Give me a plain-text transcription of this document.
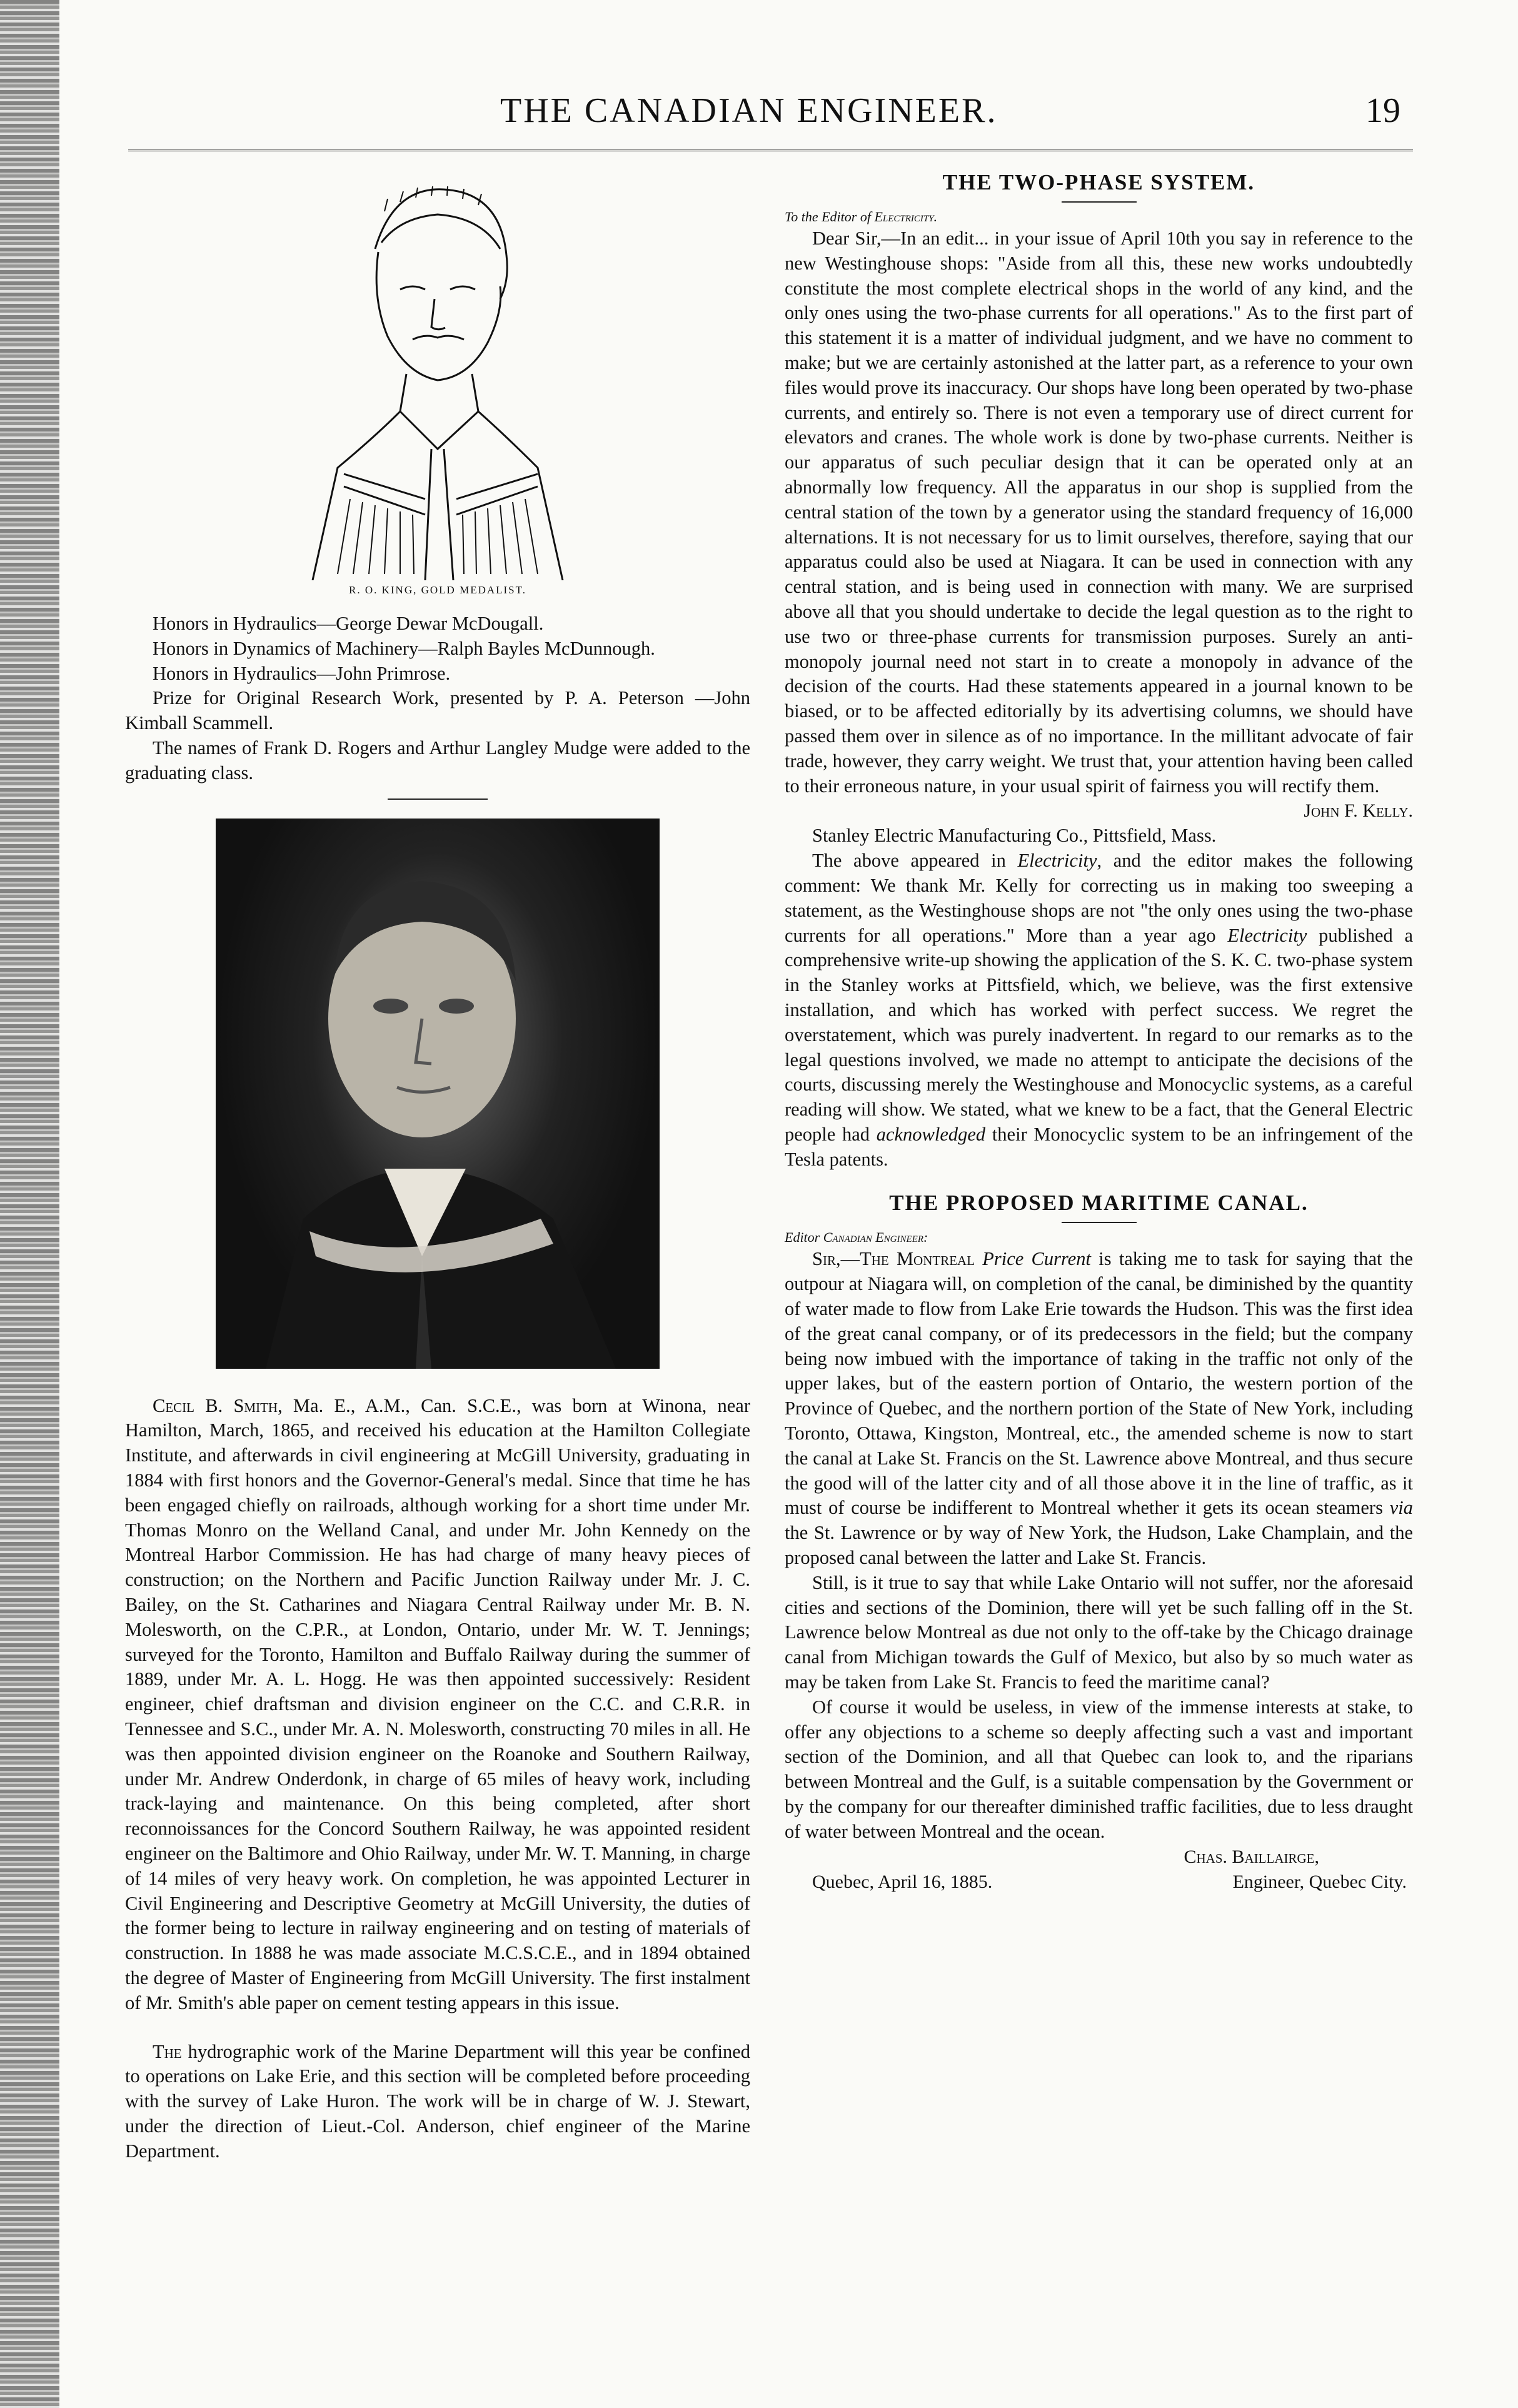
THE CANADIAN ENGINEER.	19
R. O. KING, GOLD MEDALIST.

Honors in Hydraulics—George Dewar McDougall.

Honors in Dynamics of Machinery—Ralph Bayles McDunnough.

Honors in Hydraulics—John Primrose.

Prize for Original Research Work, presented by P. A. Peterson —John Kimball Scammell.

The names of Frank D. Rogers and Arthur Langley Mudge were added to the graduating class.

Cecil B. Smith, Ma. E., A.M., Can. S.C.E., was born at Winona, near Hamilton, March, 1865, and received his education at the Hamilton Collegiate Institute, and afterwards in civil engineering at McGill University, graduating in 1884 with first honors and the Governor-General's medal. Since that time he has been engaged chiefly on railroads, although working for a short time under Mr. Thomas Monro on the Welland Canal, and under Mr. John Kennedy on the Montreal Harbor Commission. He has had charge of many heavy pieces of construction; on the Northern and Pacific Junction Railway under Mr. J. C. Bailey, on the St. Catharines and Niagara Central Railway under Mr. B. N. Molesworth, on the C.P.R., at London, Ontario, under Mr. W. T. Jennings; surveyed for the Toronto, Hamilton and Buffalo Railway during the summer of 1889, under Mr. A. L. Hogg. He was then appointed successively: Resident engineer, chief draftsman and division engineer on the C.C. and C.R.R. in Tennessee and S.C., under Mr. A. N. Molesworth, constructing 70 miles in all. He was then appointed division engineer on the Roanoke and Southern Railway, under Mr. Andrew Onderdonk, in charge of 65 miles of heavy work, including track-laying and maintenance. On this being completed, after short reconnoissances for the Concord Southern Railway, he was appointed resident engineer on the Baltimore and Ohio Railway, under Mr. W. T. Manning, in charge of 14 miles of very heavy work. On completion, he was appointed Lecturer in Civil Engineering and Descriptive Geometry at McGill University, the duties of the former being to lecture in railway engineering and on testing of materials of construction. In 1888 he was made associate M.C.S.C.E., and in 1894 obtained the degree of Master of Engineering from McGill University. The first instalment of Mr. Smith's able paper on cement testing appears in this issue.

The hydrographic work of the Marine Department will this year be confined to operations on Lake Erie, and this section will be completed before proceeding with the survey of Lake Huron. The work will be in charge of W. J. Stewart, under the direction of Lieut.-Col. Anderson, chief engineer of the Marine Department.

THE TWO-PHASE SYSTEM.
To the Editor of Electricity.

Dear Sir,—In an edit... in your issue of April 10th you say in reference to the new Westinghouse shops: "Aside from all this, these new works undoubtedly constitute the most complete electrical shops in the world of any kind, and the only ones using the two-phase currents for all operations." As to the first part of this statement it is a matter of individual judgment, and we have no comment to make; but we are certainly astonished at the latter part, as a reference to your own files would prove its inaccuracy. Our shops have long been operated by two-phase currents, and entirely so. There is not even a temporary use of direct current for elevators and cranes. The whole work is done by two-phase currents. Neither is our apparatus of such peculiar design that it can be operated only at an abnormally low frequency. All the apparatus in our shop is supplied from the central station of the town by a generator using the standard frequency of 16,000 alternations. It is not necessary for us to limit ourselves, therefore, saying that our apparatus could also be used at Niagara. It can be used in connection with any central station, and is being used in connection with many. We are surprised above all that you should undertake to decide the legal question as to the right to use two or three-phase currents for transmission purposes. Surely an anti-monopoly journal need not start in to create a monopoly in advance of the decision of the courts. Had these statements appeared in a journal known to be biased, or to be affected editorially by its advertising columns, we should have passed them over in silence as of no importance. In the millitant advocate of fair trade, however, they carry weight. We trust that, your attention having been called to their erroneous nature, in your usual spirit of fairness you will rectify them.

John F. Kelly.

Stanley Electric Manufacturing Co., Pittsfield, Mass.

The above appeared in Electricity, and the editor makes the following comment: We thank Mr. Kelly for correcting us in making too sweeping a statement, as the Westinghouse shops are not "the only ones using the two-phase currents for all operations." More than a year ago Electricity published a comprehensive write-up showing the application of the S. K. C. two-phase system in the Stanley works at Pittsfield, which, we believe, was the first extensive installation, and which has worked with perfect success. We regret the overstatement, which was purely inadvertent. In regard to our remarks as to the legal questions involved, we made no attempt to anticipate the decisions of the courts, discussing merely the Westinghouse and Monocyclic systems, as a careful reading will show. We stated, what we knew to be a fact, that the General Electric people had acknowledged their Monocyclic system to be an infringement of the Tesla patents.

THE PROPOSED MARITIME CANAL.
Editor Canadian Engineer:

Sir,—The Montreal Price Current is taking me to task for saying that the outpour at Niagara will, on completion of the canal, be diminished by the quantity of water made to flow from Lake Erie towards the Hudson. This was the first idea of the great canal company, or of its predecessors in the field; but the company being now imbued with the importance of taking in the traffic not only of the upper lakes, but of the eastern portion of Ontario, the western portion of the Province of Quebec, and the northern portion of the State of New York, including Toronto, Ottawa, Kingston, Montreal, etc., the amended scheme is now to start the canal at Lake St. Francis on the St. Lawrence above Montreal, and thus secure the good will of the latter city and of all those above it in the line of traffic, as it must of course be indifferent to Montreal whether it gets its ocean steamers via the St. Lawrence or by way of New York, the Hudson, Lake Champlain, and the proposed canal between the latter and Lake St. Francis.

Still, is it true to say that while Lake Ontario will not suffer, nor the aforesaid cities and sections of the Dominion, there will yet be such falling off in the St. Lawrence below Montreal as due not only to the off-take by the Chicago drainage canal from Michigan towards the Gulf of Mexico, but also by so much water as may be taken from Lake St. Francis to feed the maritime canal?

Of course it would be useless, in view of the immense interests at stake, to offer any objections to a scheme so deeply affecting such a vast and important section of the Dominion, and all that Quebec can look to, and the riparians between Montreal and the Gulf, is a suitable compensation by the Government or by the company for our thereafter diminished traffic facilities, due to less draught of water between Montreal and the ocean.

Chas. Baillairge,
Quebec, April 16, 1885.	Engineer, Quebec City.
